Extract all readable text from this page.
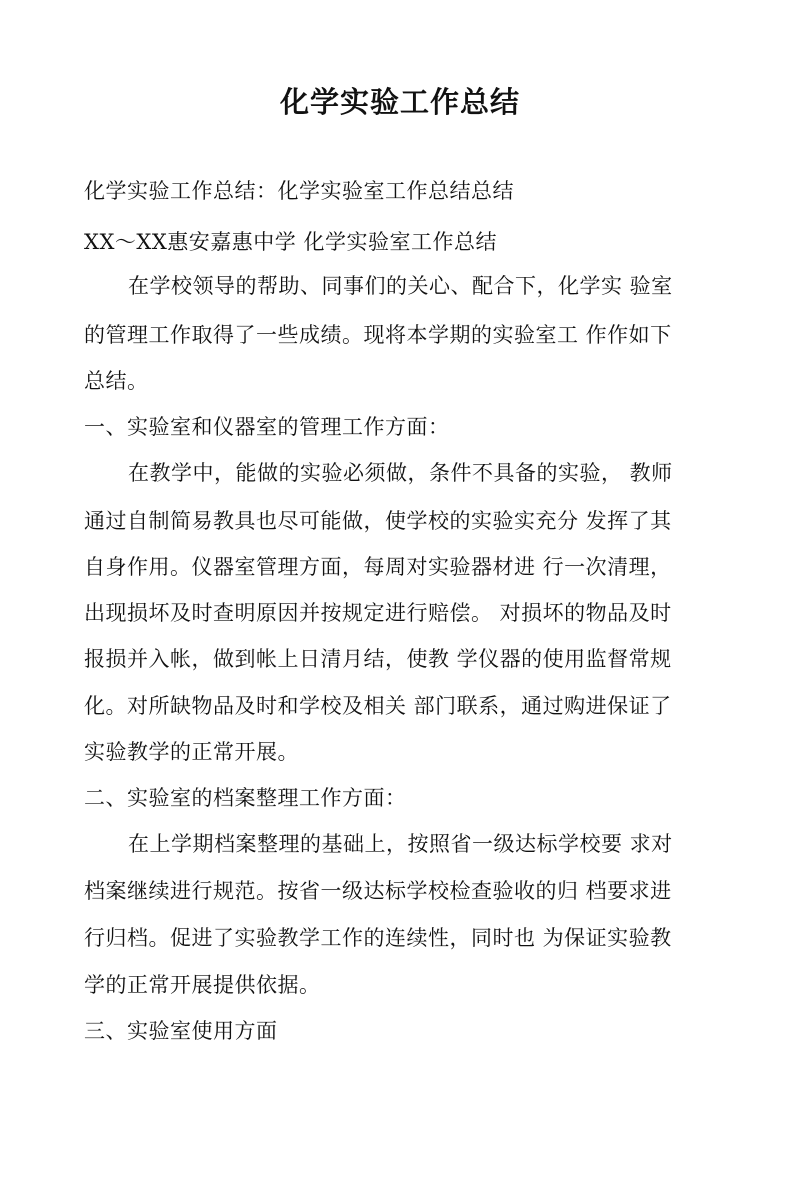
化学实验工作总结
化学实验工作总结：化学实验室工作总结总结
XX～XX惠安嘉惠中学 化学实验室工作总结
在学校领导的帮助、同事们的关心、配合下，化学实 验室
的管理工作取得了一些成绩。现将本学期的实验室工 作作如下
总结。
一、实验室和仪器室的管理工作方面：
在教学中，能做的实验必须做，条件不具备的实验， 教师
通过自制简易教具也尽可能做，使学校的实验实充分 发挥了其
自身作用。仪器室管理方面，每周对实验器材进 行一次清理，
出现损坏及时查明原因并按规定进行赔偿。 对损坏的物品及时
报损并入帐，做到帐上日清月结，使教 学仪器的使用监督常规
化。对所缺物品及时和学校及相关 部门联系，通过购进保证了
实验教学的正常开展。
二、实验室的档案整理工作方面：
在上学期档案整理的基础上，按照省一级达标学校要 求对
档案继续进行规范。按省一级达标学校检查验收的归 档要求进
行归档。促进了实验教学工作的连续性，同时也 为保证实验教
学的正常开展提供依据。
三、实验室使用方面
